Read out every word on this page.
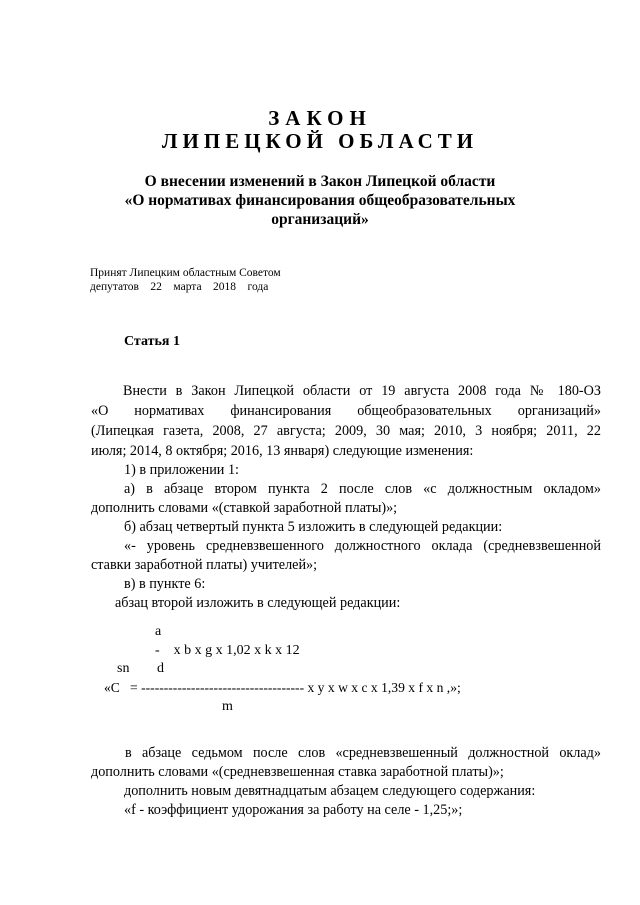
ЗАКОН
ЛИПЕЦКОЙ ОБЛАСТИ
О внесении изменений в Закон Липецкой области
«О нормативах финансирования общеобразовательных
организаций»
Принят Липецким областным Советом
депутатов    22    марта    2018    года
Статья 1
Внести в Закон Липецкой области от 19 августа 2008 года № 180-ОЗ
«О нормативах финансирования общеобразовательных организаций»
(Липецкая газета, 2008, 27 августа; 2009, 30 мая; 2010, 3 ноября; 2011, 22
июля; 2014, 8 октября; 2016, 13 января) следующие изменения:
1) в приложении 1:
а) в абзаце втором пункта 2 после слов «с должностным окладом»
дополнить словами «(ставкой заработной платы)»;
б) абзац четвертый пункта 5 изложить в следующей редакции:
«- уровень средневзвешенного должностного оклада (средневзвешенной
ставки заработной платы) учителей»;
в) в пункте 6:
абзац второй изложить в следующей редакции:
a
-    x b x g x 1,02 x k x 12
sn d
«С   = ------------------------------------ x у x w x c x 1,39 x f x n ,»;
m
в абзаце седьмом после слов «средневзвешенный должностной оклад»
дополнить словами «(средневзвешенная ставка заработной платы)»;
дополнить новым девятнадцатым абзацем следующего содержания:
«f - коэффициент удорожания за работу на селе - 1,25;»;
